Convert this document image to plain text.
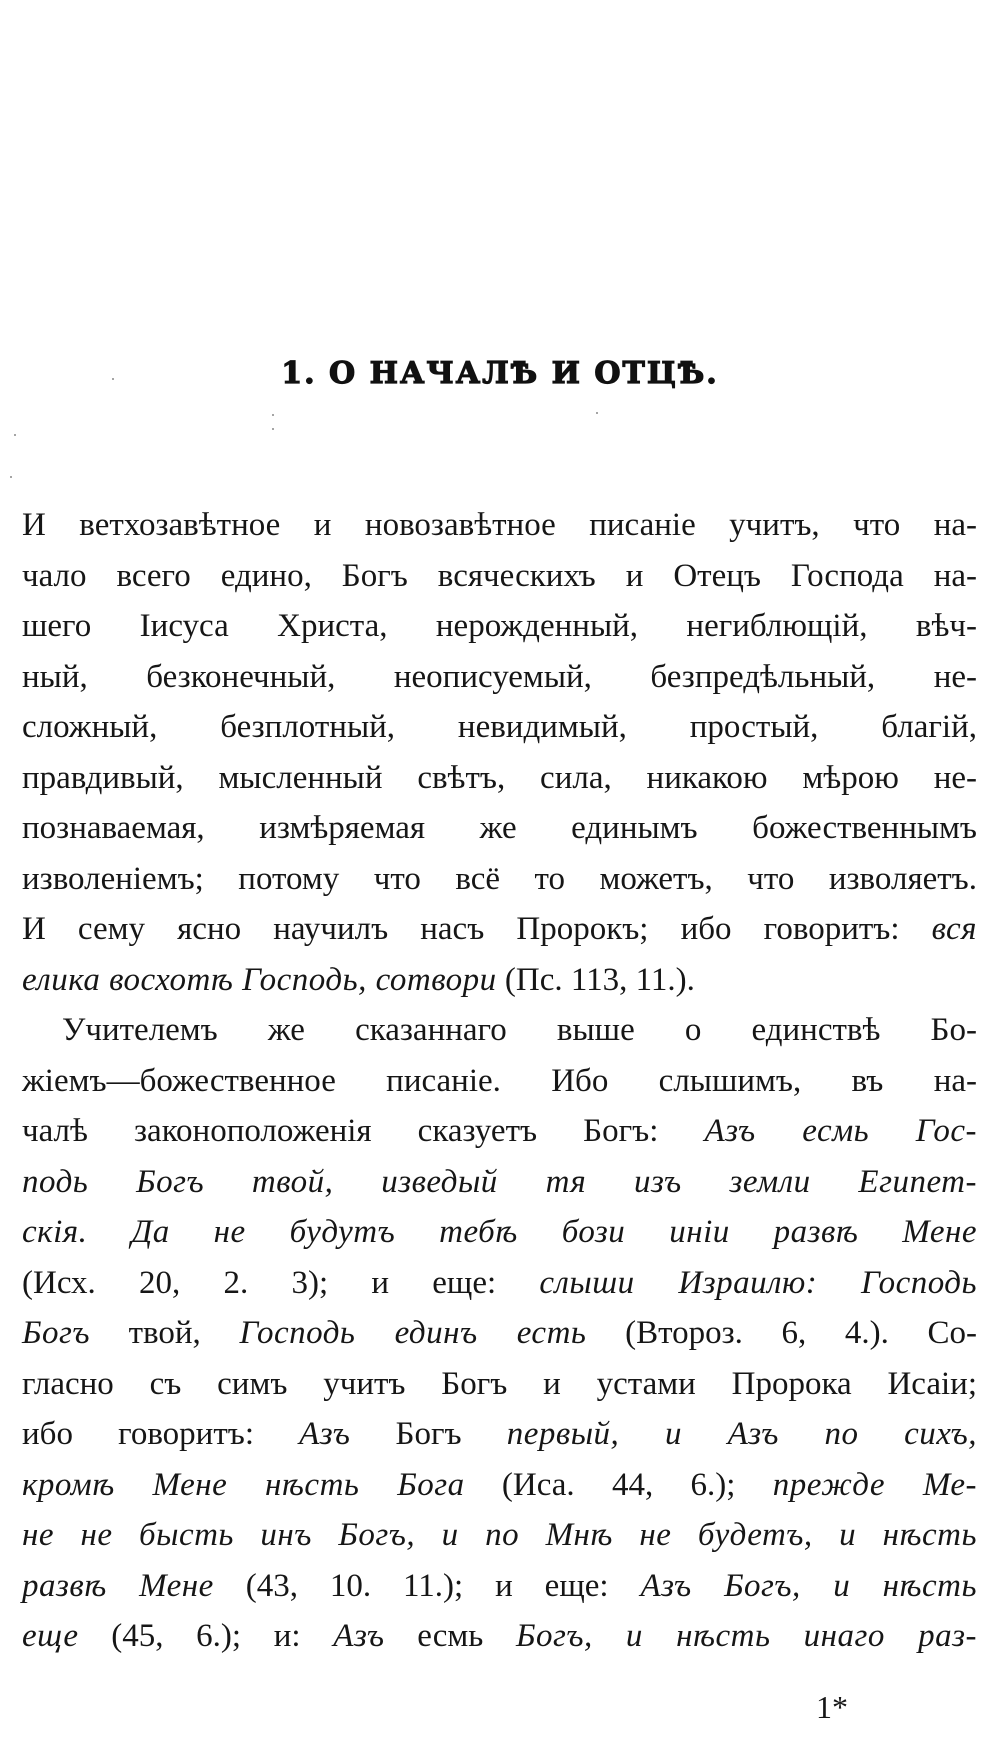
1. О НАЧАЛѢ И ОТЦѢ.
И ветхозавѣтное и новозавѣтное писаніе учитъ, что на-
чало всего едино, Богъ всяческихъ и Отецъ Господа на-
шего Іисуса Христа, нерожденный, негиблющій, вѣч-
ный, безконечный, неописуемый, безпредѣльный, не-
сложный, безплотный, невидимый, простый, благій,
правдивый, мысленный свѣтъ, сила, никакою мѣрою не-
познаваемая, измѣряемая же единымъ божественнымъ
изволеніемъ; потому что всё то можетъ, что изволяетъ.
И сему ясно научилъ насъ Пророкъ; ибо говоритъ: вся
елика восхотѣ Господь, сотвори (Пс. 113, 11.).
Учителемъ же сказаннаго выше о единствѣ Бо-
жіемъ—божественное писаніе. Ибо слышимъ, въ на-
чалѣ законоположенія сказуетъ Богъ: Азъ есмь Гос-
подь Богъ твой, изведый тя изъ земли Египет-
скія. Да не будутъ тебѣ бози иніи развѣ Мене
(Исх. 20, 2. 3); и еще: слыши Израилю: Господь
Богъ твой, Господь единъ есть (Второз. 6, 4.). Со-
гласно съ симъ учитъ Богъ и устами Пророка Исаіи;
ибо говоритъ: Азъ Богъ первый, и Азъ по сихъ,
кромѣ Мене нѣсть Бога (Иса. 44, 6.); прежде Ме-
не не бысть инъ Богъ, и по Мнѣ не будетъ, и нѣсть
развѣ Мене (43, 10. 11.); и еще: Азъ Богъ, и нѣсть
еще (45, 6.); и: Азъ есмь Богъ, и нѣсть инаго раз-
1*
